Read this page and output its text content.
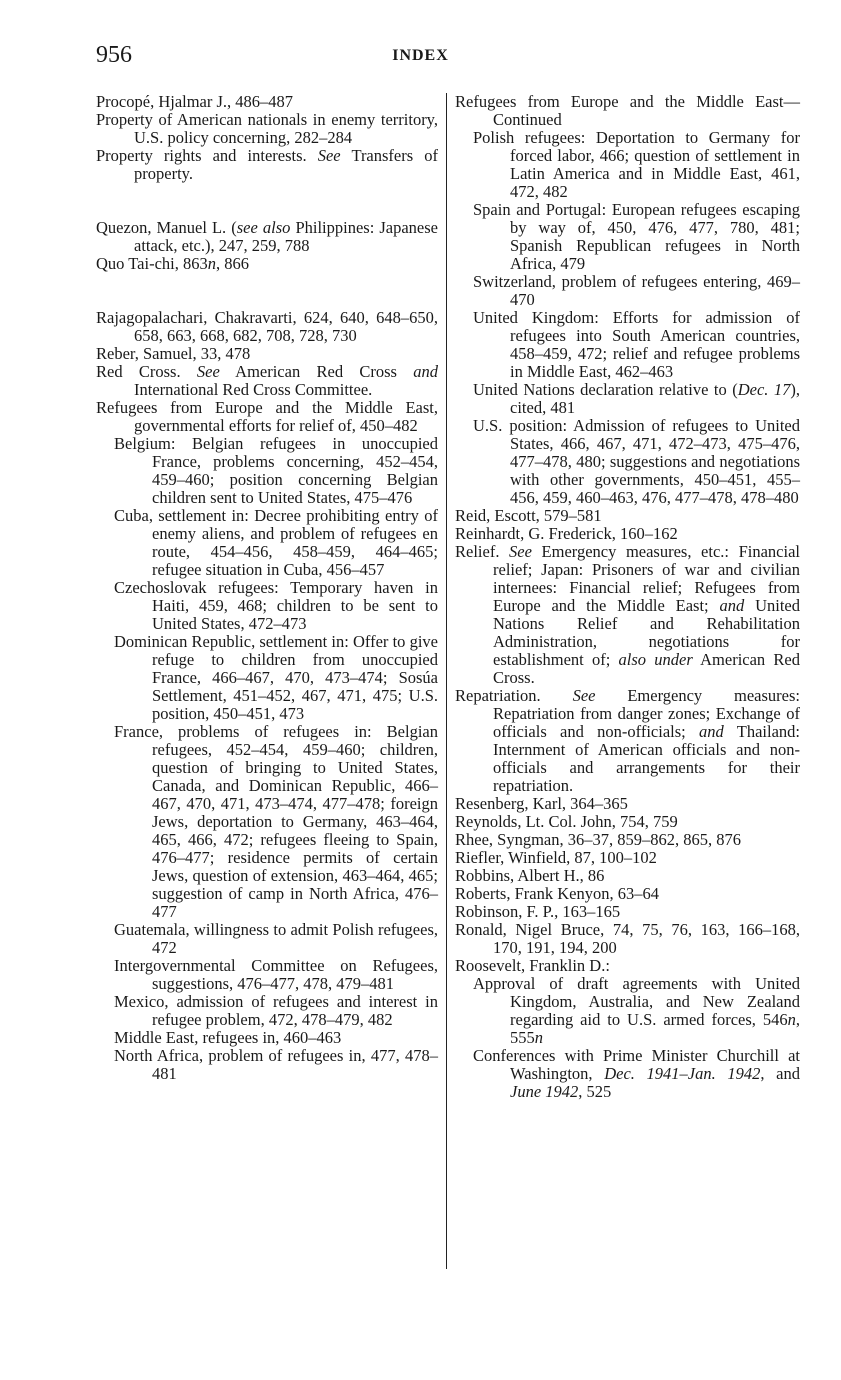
956	INDEX
Procopé, Hjalmar J., 486–487
Property of American nationals in enemy territory, U.S. policy concerning, 282–284
Property rights and interests. See Transfers of property.
Quezon, Manuel L. (see also Philippines: Japanese attack, etc.), 247, 259, 788
Quo Tai-chi, 863n, 866
Rajagopalachari, Chakravarti, 624, 640, 648–650, 658, 663, 668, 682, 708, 728, 730
Reber, Samuel, 33, 478
Red Cross. See American Red Cross and International Red Cross Committee.
Refugees from Europe and the Middle East, governmental efforts for relief of, 450–482
Belgium: Belgian refugees in unoccupied France, problems concerning, 452–454, 459–460; position concerning Belgian children sent to United States, 475–476
Cuba, settlement in: Decree prohibiting entry of enemy aliens, and problem of refugees en route, 454–456, 458–459, 464–465; refugee situation in Cuba, 456–457
Czechoslovak refugees: Temporary haven in Haiti, 459, 468; children to be sent to United States, 472–473
Dominican Republic, settlement in: Offer to give refuge to children from unoccupied France, 466–467, 470, 473–474; Sosúa Settlement, 451–452, 467, 471, 475; U.S. position, 450–451, 473
France, problems of refugees in: Belgian refugees, 452–454, 459–460; children, question of bringing to United States, Canada, and Dominican Republic, 466–467, 470, 471, 473–474, 477–478; foreign Jews, deportation to Germany, 463–464, 465, 466, 472; refugees fleeing to Spain, 476–477; residence permits of certain Jews, question of extension, 463–464, 465; suggestion of camp in North Africa, 476–477
Guatemala, willingness to admit Polish refugees, 472
Intergovernmental Committee on Refugees, suggestions, 476–477, 478, 479–481
Mexico, admission of refugees and interest in refugee problem, 472, 478–479, 482
Middle East, refugees in, 460–463
North Africa, problem of refugees in, 477, 478–481
Refugees from Europe and the Middle East—Continued
Polish refugees: Deportation to Germany for forced labor, 466; question of settlement in Latin America and in Middle East, 461, 472, 482
Spain and Portugal: European refugees escaping by way of, 450, 476, 477, 780, 481; Spanish Republican refugees in North Africa, 479
Switzerland, problem of refugees entering, 469–470
United Kingdom: Efforts for admission of refugees into South American countries, 458–459, 472; relief and refugee problems in Middle East, 462–463
United Nations declaration relative to (Dec. 17), cited, 481
U.S. position: Admission of refugees to United States, 466, 467, 471, 472–473, 475–476, 477–478, 480; suggestions and negotiations with other governments, 450–451, 455–456, 459, 460–463, 476, 477–478, 478–480
Reid, Escott, 579–581
Reinhardt, G. Frederick, 160–162
Relief. See Emergency measures, etc.: Financial relief; Japan: Prisoners of war and civilian internees: Financial relief; Refugees from Europe and the Middle East; and United Nations Relief and Rehabilitation Administration, negotiations for establishment of; also under American Red Cross.
Repatriation. See Emergency measures: Repatriation from danger zones; Exchange of officials and non-officials; and Thailand: Internment of American officials and non-officials and arrangements for their repatriation.
Resenberg, Karl, 364–365
Reynolds, Lt. Col. John, 754, 759
Rhee, Syngman, 36–37, 859–862, 865, 876
Riefler, Winfield, 87, 100–102
Robbins, Albert H., 86
Roberts, Frank Kenyon, 63–64
Robinson, F. P., 163–165
Ronald, Nigel Bruce, 74, 75, 76, 163, 166–168, 170, 191, 194, 200
Roosevelt, Franklin D.:
Approval of draft agreements with United Kingdom, Australia, and New Zealand regarding aid to U.S. armed forces, 546n, 555n
Conferences with Prime Minister Churchill at Washington, Dec. 1941–Jan. 1942, and June 1942, 525
